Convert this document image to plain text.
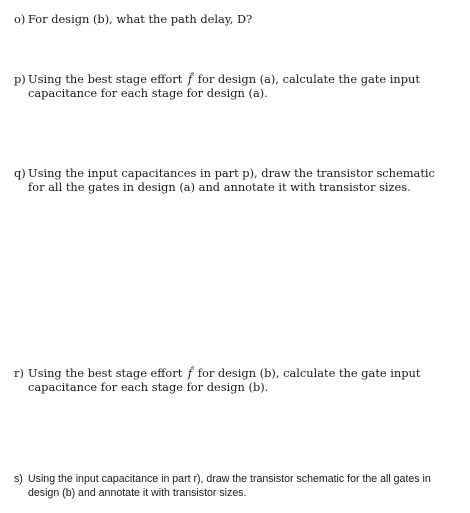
o) For design (b), what the path delay, D?
p) Using the best stage effort f̂ for design (a), calculate the gate input capacitance for each stage for design (a).
q) Using the input capacitances in part p), draw the transistor schematic for all the gates in design (a) and annotate it with transistor sizes.
r) Using the best stage effort f̂ for design (b), calculate the gate input capacitance for each stage for design (b).
s) Using the input capacitance in part r), draw the transistor schematic for the all gates in design (b) and annotate it with transistor sizes.
